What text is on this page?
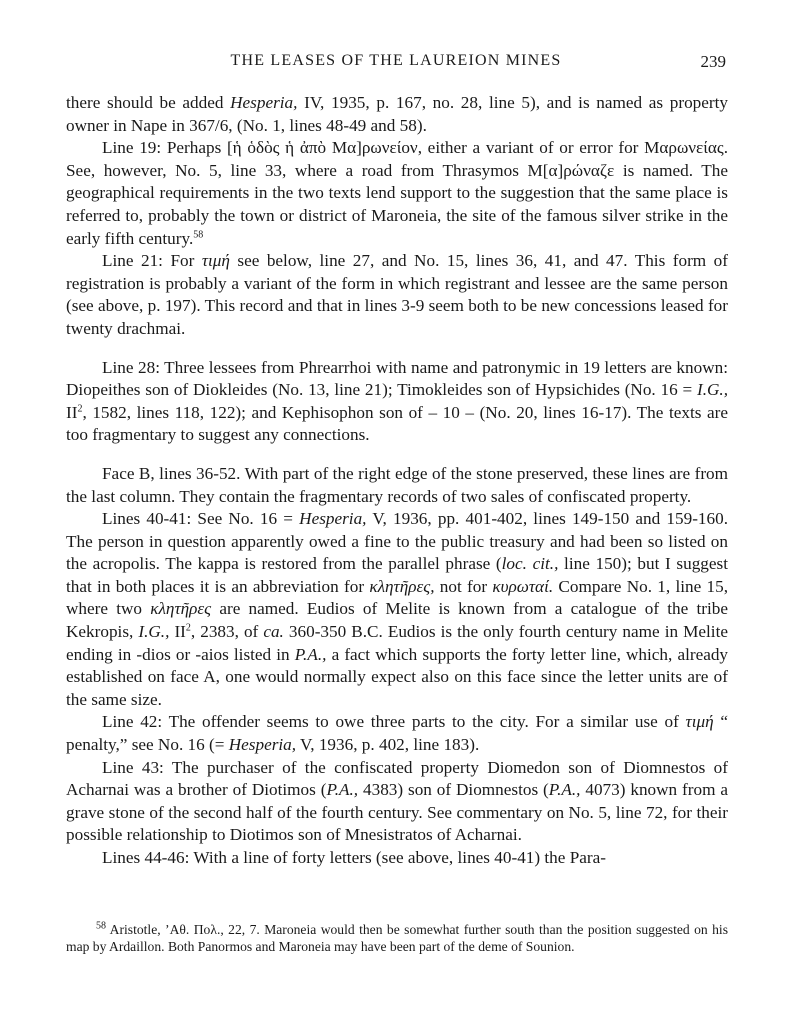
THE LEASES OF THE LAUREION MINES	239

there should be added Hesperia, IV, 1935, p. 167, no. 28, line 5), and is named as property owner in Nape in 367/6, (No. 1, lines 48-49 and 58).

Line 19: Perhaps [ἡ ὁδὸς ἡ ἀπὸ Μα]ρωνείον, either a variant of or error for Μαρωνείας. See, however, No. 5, line 33, where a road from Thrasymos Μ[α]ρώναζε is named. The geographical requirements in the two texts lend support to the suggestion that the same place is referred to, probably the town or district of Maroneia, the site of the famous silver strike in the early fifth century.$^{58}$

Line 21: For τιμή see below, line 27, and No. 15, lines 36, 41, and 47. This form of registration is probably a variant of the form in which registrant and lessee are the same person (see above, p. 197). This record and that in lines 3-9 seem both to be new concessions leased for twenty drachmai.

Line 28: Three lessees from Phrearrhoi with name and patronymic in 19 letters are known: Diopeithes son of Diokleides (No. 13, line 21); Timokleides son of Hypsichides (No. 16 = I.G., $II^2$, 1582, lines 118, 122); and Kephisophon son of – 10 – (No. 20, lines 16-17). The texts are too fragmentary to suggest any connections.

Face B, lines 36-52. With part of the right edge of the stone preserved, these lines are from the last column. They contain the fragmentary records of two sales of confiscated property.

Lines 40-41: See No. 16 = Hesperia, V, 1936, pp. 401-402, lines 149-150 and 159-160. The person in question apparently owed a fine to the public treasury and had been so listed on the acropolis. The kappa is restored from the parallel phrase (loc. cit., line 150); but I suggest that in both places it is an abbreviation for κλητῆρες, not for κυρωταί. Compare No. 1, line 15, where two κλητῆρες are named. Eudios of Melite is known from a catalogue of the tribe Kekropis, I.G., $II^2$, 2383, of ca. 360-350 B.C. Eudios is the only fourth century name in Melite ending in -dios or -aios listed in P.A., a fact which supports the forty letter line, which, already established on face A, one would normally expect also on this face since the letter units are of the same size.

Line 42: The offender seems to owe three parts to the city. For a similar use of τιμή “ penalty,” see No. 16 (= Hesperia, V, 1936, p. 402, line 183).

Line 43: The purchaser of the confiscated property Diomedon son of Diomnestos of Acharnai was a brother of Diotimos (P.A., 4383) son of Diomnestos (P.A., 4073) known from a grave stone of the second half of the fourth century. See commentary on No. 5, line 72, for their possible relationship to Diotimos son of Mnesistratos of Acharnai.

Lines 44-46: With a line of forty letters (see above, lines 40-41) the Para-

$^{58}$ Aristotle, ’Αθ. Πολ., 22, 7. Maroneia would then be somewhat further south than the position suggested on his map by Ardaillon. Both Panormos and Maroneia may have been part of the deme of Sounion.
